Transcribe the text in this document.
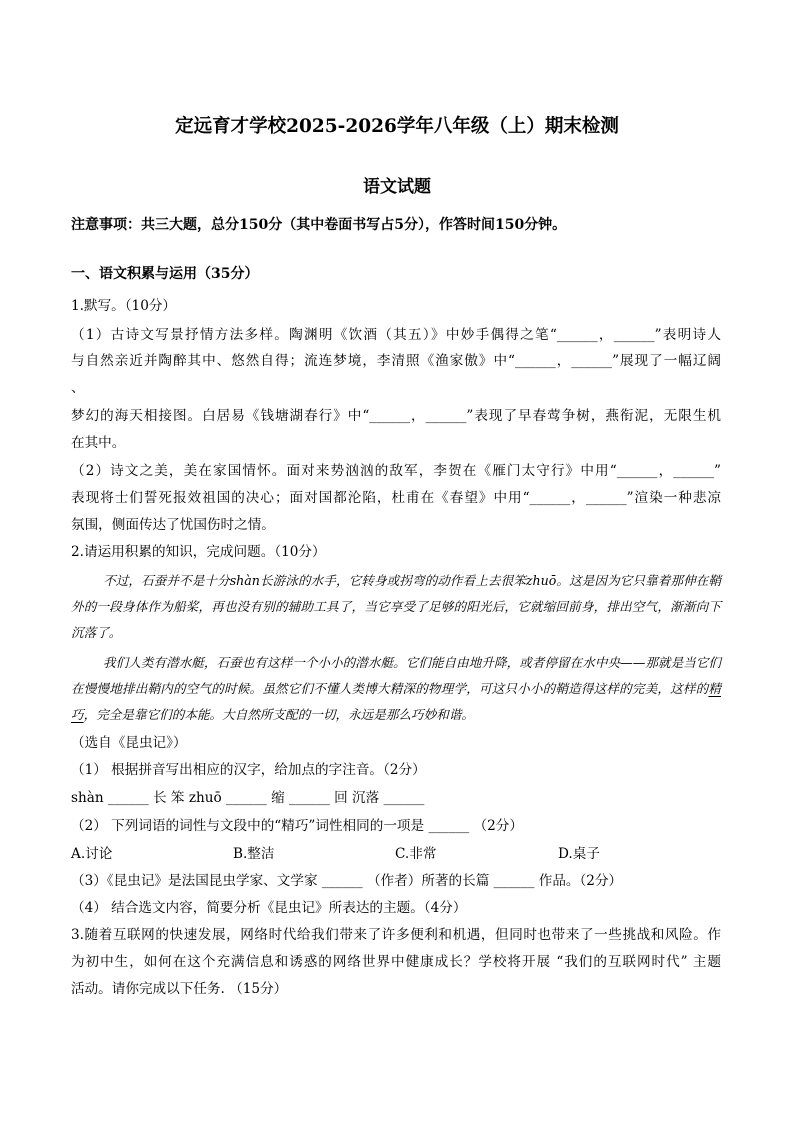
定远育才学校2025-2026学年八年级（上）期末检测
语文试题
注意事项：共三大题，总分150分（其中卷面书写占5分），作答时间150分钟。
一、语文积累与运用（35分）
1.默写。（10分）
（1）古诗文写景抒情方法多样。陶渊明《饮酒（其五）》中妙手偶得之笔“______，______”表明诗人
与自然亲近并陶醉其中、悠然自得；流连梦境，李清照《渔家傲》中“______，______”展现了一幅辽阔
、
梦幻的海天相接图。白居易《钱塘湖春行》中“______，______”表现了早春莺争树，燕衔泥，无限生机
在其中。
（2）诗文之美，美在家国情怀。面对来势汹汹的敌军，李贺在《雁门太守行》中用“______，______”
表现将士们誓死报效祖国的决心；面对国都沦陷，杜甫在《春望》中用“______，______”渲染一种悲凉
氛围，侧面传达了忧国伤时之情。
2.请运用积累的知识，完成问题。（10分）
不过，石蚕并不是十分shàn长游泳的水手，它转身或拐弯的动作看上去很笨zhuō。这是因为它只靠着那伸在鞘外的一段身体作为船桨，再也没有别的辅助工具了，当它享受了足够的阳光后，它就缩回前身，排出空气，渐渐向下沉落了。
我们人类有潜水艇，石蚕也有这样一个小小的潜水艇。它们能自由地升降，或者停留在水中央——那就是当它们在慢慢地排出鞘内的空气的时候。虽然它们不懂人类博大精深的物理学，可这只小小的鞘造得这样的完美，这样的精巧，完全是靠它们的本能。大自然所支配的一切，永远是那么巧妙和谐。
（选自《昆虫记》）
（1） 根据拼音写出相应的汉字，给加点的字注音。（2分）
shàn ______ 长 笨 zhuō ______ 缩 ______ 回 沉落 ______
（2） 下列词语的词性与文段中的“精巧”词性相同的一项是 ______ （2分）
A.讨论	B.整洁	C.非常	D.桌子
（3）《昆虫记》是法国昆虫学家、文学家 ______ （作者）所著的长篇 ______ 作品。（2分）
（4） 结合选文内容，简要分析《昆虫记》所表达的主题。（4分）
3.随着互联网的快速发展，网络时代给我们带来了许多便利和机遇，但同时也带来了一些挑战和风险。作
为初中生，如何在这个充满信息和诱惑的网络世界中健康成长？学校将开展 “我们的互联网时代” 主题
活动。请你完成以下任务. （15分）
